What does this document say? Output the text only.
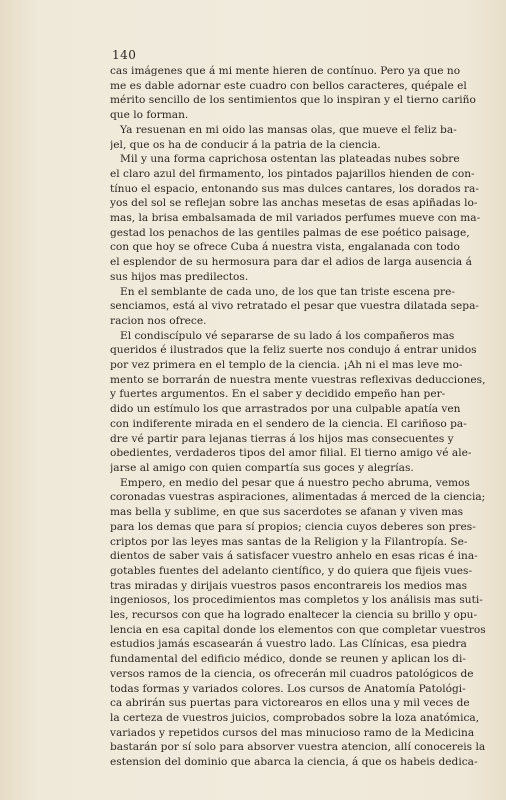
140

cas imágenes que á mi mente hieren de contínuo. Pero ya que no
me es dable adornar este cuadro con bellos caracteres, quépale el
mérito sencillo de los sentimientos que lo inspiran y el tierno cariño
que lo forman.

Ya resuenan en mi oido las mansas olas, que mueve el feliz ba-
jel, que os ha de conducir á la patria de la ciencia.

Mil y una forma caprichosa ostentan las plateadas nubes sobre
el claro azul del firmamento, los pintados pajarillos hienden de con-
tínuo el espacio, entonando sus mas dulces cantares, los dorados ra-
yos del sol se reflejan sobre las anchas mesetas de esas apiñadas lo-
mas, la brisa embalsamada de mil variados perfumes mueve con ma-
gestad los penachos de las gentiles palmas de ese poético paisage,
con que hoy se ofrece Cuba á nuestra vista, engalanada con todo
el esplendor de su hermosura para dar el adios de larga ausencia á
sus hijos mas predilectos.

En el semblante de cada uno, de los que tan triste escena pre-
senciamos, está al vivo retratado el pesar que vuestra dilatada sepa-
racion nos ofrece.

El condiscípulo vé separarse de su lado á los compañeros mas
queridos é ilustrados que la feliz suerte nos condujo á entrar unidos
por vez primera en el templo de la ciencia. ¡Ah ni el mas leve mo-
mento se borrarán de nuestra mente vuestras reflexivas deducciones,
y fuertes argumentos. En el saber y decidido empeño han per-
dido un estímulo los que arrastrados por una culpable apatía ven
con indiferente mirada en el sendero de la ciencia. El cariñoso pa-
dre vé partir para lejanas tierras á los hijos mas consecuentes y
obedientes, verdaderos tipos del amor filial. El tierno amigo vé ale-
jarse al amigo con quien compartía sus goces y alegrías.

Empero, en medio del pesar que á nuestro pecho abruma, vemos
coronadas vuestras aspiraciones, alimentadas á merced de la ciencia;
mas bella y sublime, en que sus sacerdotes se afanan y viven mas
para los demas que para sí propios; ciencia cuyos deberes son pres-
criptos por las leyes mas santas de la Religion y la Filantropía. Se-
dientos de saber vais á satisfacer vuestro anhelo en esas ricas é ina-
gotables fuentes del adelanto científico, y do quiera que fijeis vues-
tras miradas y dirijais vuestros pasos encontrareis los medios mas
ingeniosos, los procedimientos mas completos y los análisis mas suti-
les, recursos con que ha logrado enaltecer la ciencia su brillo y opu-
lencia en esa capital donde los elementos con que completar vuestros
estudios jamás escasearán á vuestro lado. Las Clínicas, esa piedra
fundamental del edificio médico, donde se reunen y aplican los di-
versos ramos de la ciencia, os ofrecerán mil cuadros patológicos de
todas formas y variados colores. Los cursos de Anatomía Patológi-
ca abrirán sus puertas para victorearos en ellos una y mil veces de
la certeza de vuestros juicios, comprobados sobre la loza anatómica,
variados y repetidos cursos del mas minucioso ramo de la Medicina
bastarán por sí solo para absorver vuestra atencion, allí conocereis la
estension del dominio que abarca la ciencia, á que os habeis dedica-
